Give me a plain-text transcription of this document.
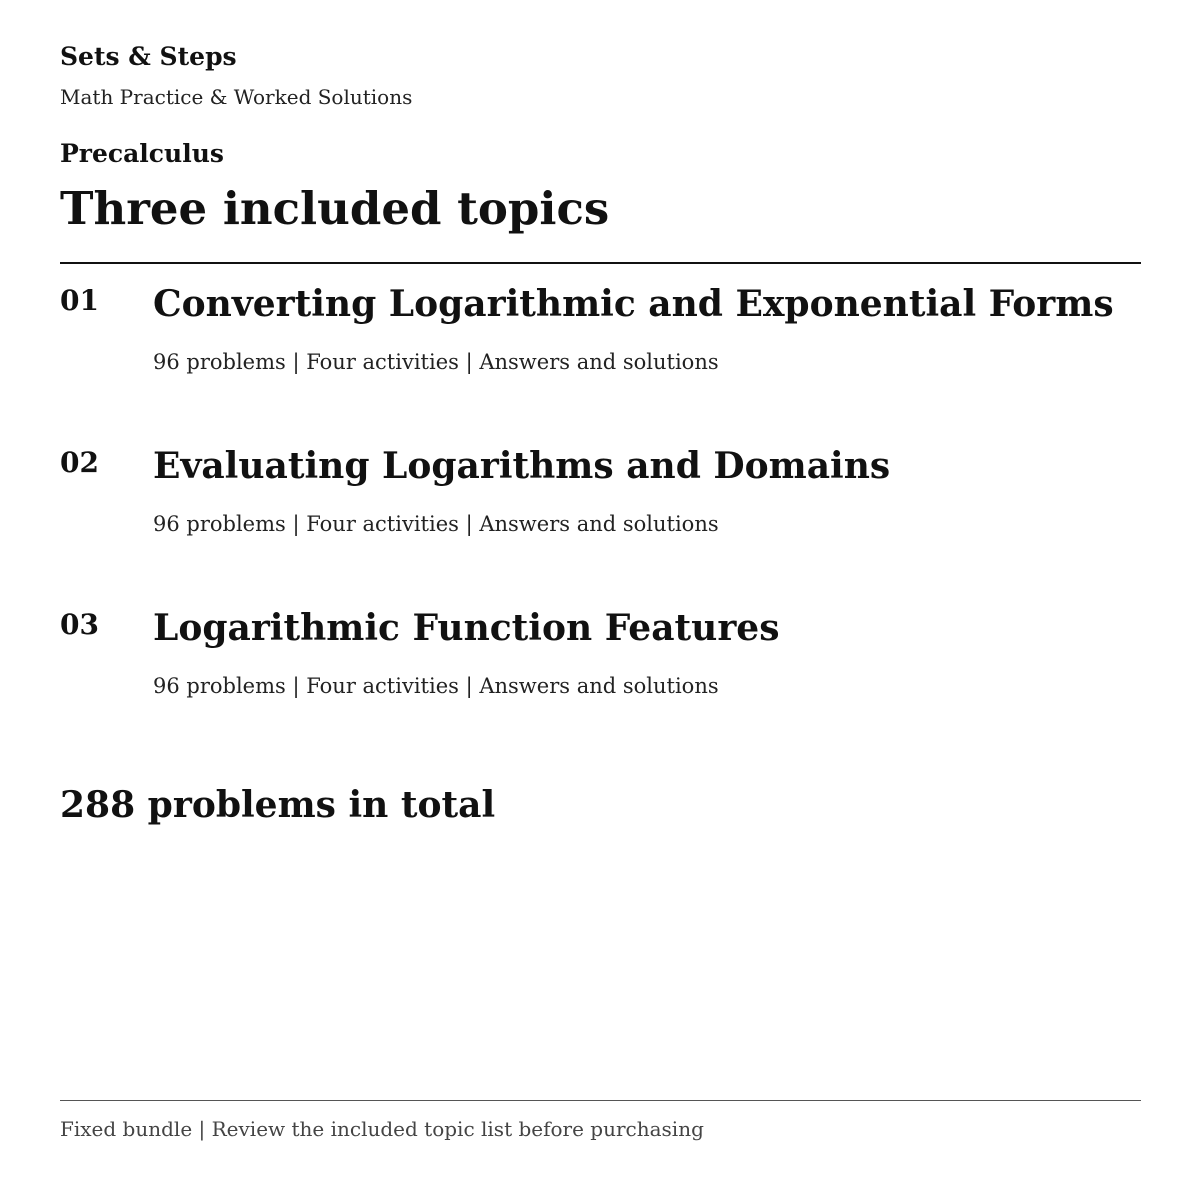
Sets & Steps
Math Practice & Worked Solutions
Precalculus
Three included topics
01 Converting Logarithmic and Exponential Forms
96 problems | Four activities | Answers and solutions
02 Evaluating Logarithms and Domains
96 problems | Four activities | Answers and solutions
03 Logarithmic Function Features
96 problems | Four activities | Answers and solutions
288 problems in total
Fixed bundle | Review the included topic list before purchasing
